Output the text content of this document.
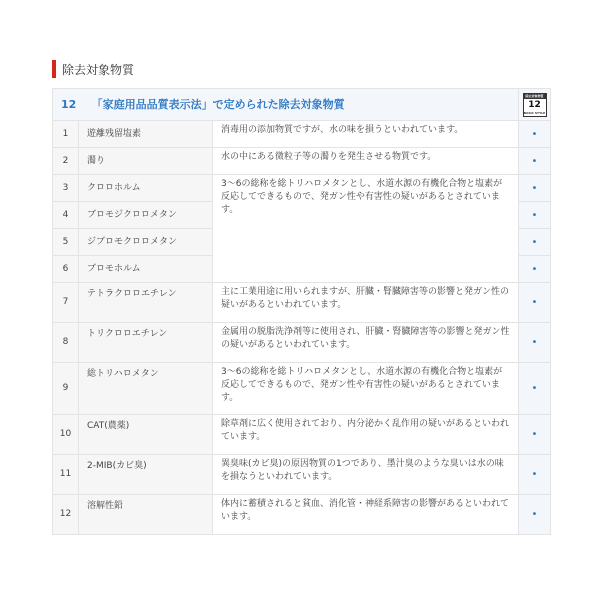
除去対象物質
12 「家庭用品品質表示法」で定められた除去対象物質			除去対象物質
12
BASIC STYLE

1	遊離残留塩素	消毒用の添加物質ですが、水の味を損うといわれています。	•
2	濁り	水の中にある微粒子等の濁りを発生させる物質です。	•
3	クロロホルム	3〜6の総称を総トリハロメタンとし、水道水源の有機化合物と塩素が反応してできるもので、発ガン性や有害性の疑いがあるとされています。	•
4	ブロモジクロロメタン		•
5	ジブロモクロロメタン		•
6	ブロモホルム		•
7	テトラクロロエチレン	主に工業用途に用いられますが、肝臓・腎臓障害等の影響と発ガン性の疑いがあるといわれています。	•
8	トリクロロエチレン	金属用の脱脂洗浄剤等に使用され、肝臓・腎臓障害等の影響と発ガン性の疑いがあるといわれています。	•
9	総トリハロメタン	3〜6の総称を総トリハロメタンとし、水道水源の有機化合物と塩素が反応してできるもので、発ガン性や有害性の疑いがあるとされています。	•
10	CAT(農薬)	除草剤に広く使用されており、内分泌かく乱作用の疑いがあるといわれています。	•
11	2-MIB(カビ臭)	異臭味(カビ臭)の原因物質の1つであり、墨汁臭のような臭いは水の味を損なうといわれています。	•
12	溶解性鉛	体内に蓄積されると貧血、消化管・神経系障害の影響があるといわれています。	•
